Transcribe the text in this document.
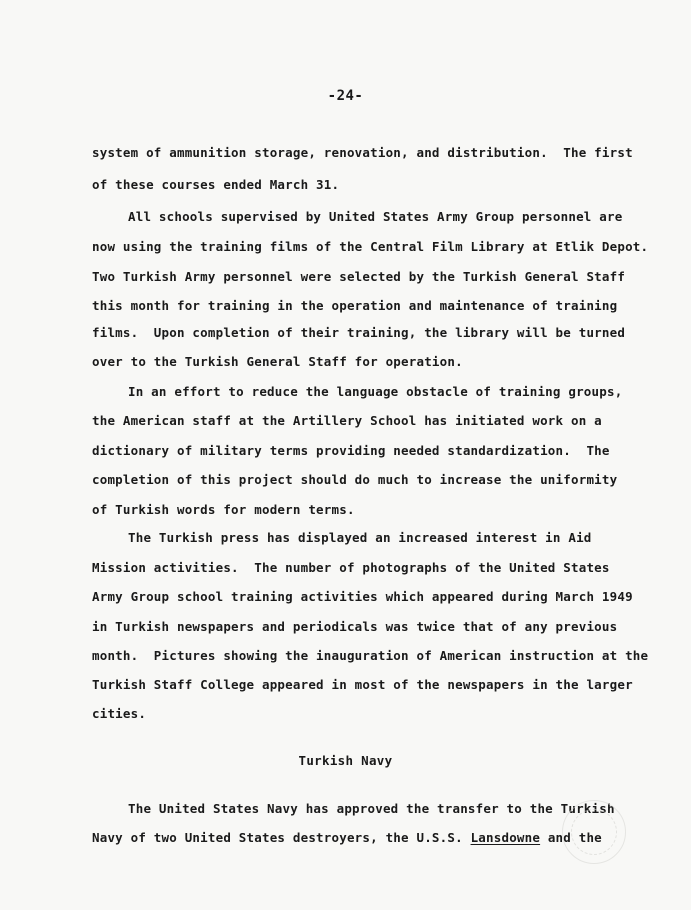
-24-
system of ammunition storage, renovation, and distribution.  The first
of these courses ended March 31.
All schools supervised by United States Army Group personnel are
now using the training films of the Central Film Library at Etlik Depot.
Two Turkish Army personnel were selected by the Turkish General Staff
this month for training in the operation and maintenance of training
films.  Upon completion of their training, the library will be turned
over to the Turkish General Staff for operation.
In an effort to reduce the language obstacle of training groups,
the American staff at the Artillery School has initiated work on a
dictionary of military terms providing needed standardization.  The
completion of this project should do much to increase the uniformity
of Turkish words for modern terms.
The Turkish press has displayed an increased interest in Aid
Mission activities.  The number of photographs of the United States
Army Group school training activities which appeared during March 1949
in Turkish newspapers and periodicals was twice that of any previous
month.  Pictures showing the inauguration of American instruction at the
Turkish Staff College appeared in most of the newspapers in the larger
cities.
Turkish Navy
The United States Navy has approved the transfer to the Turkish
Navy of two United States destroyers, the U.S.S. Lansdowne and the
